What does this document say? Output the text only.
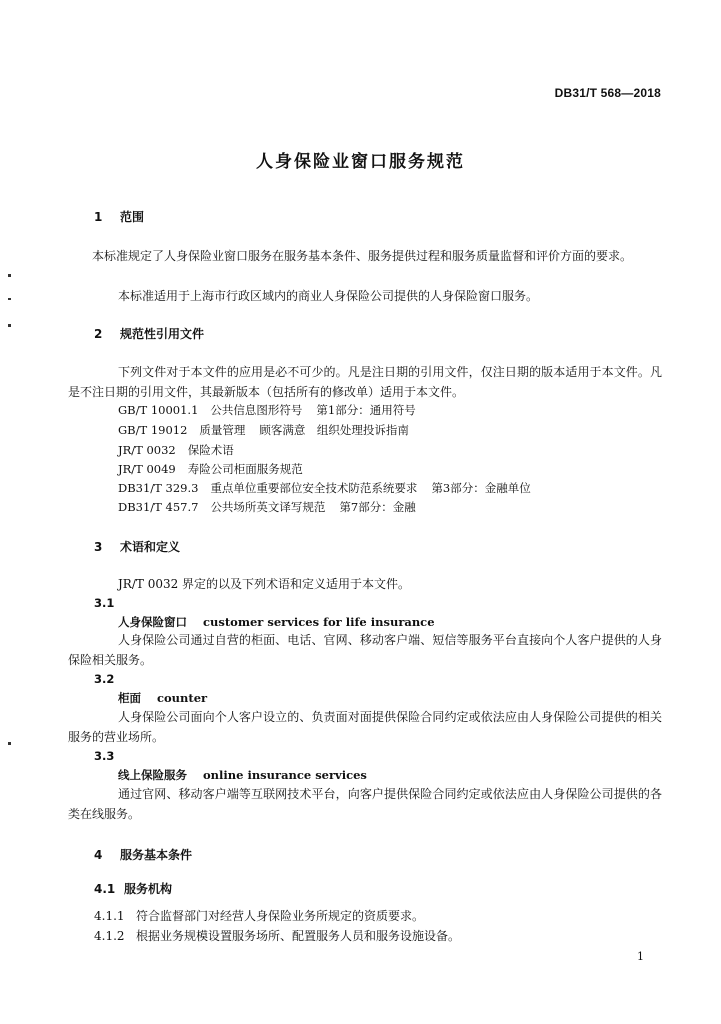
DB31/T 568—2018
人身保险业窗口服务规范
1 范围
本标准规定了人身保险业窗口服务在服务基本条件、服务提供过程和服务质量监督和评价方面的要求。
本标准适用于上海市行政区域内的商业人身保险公司提供的人身保险窗口服务。
2 规范性引用文件
下列文件对于本文件的应用是必不可少的。凡是注日期的引用文件，仅注日期的版本适用于本文件。凡是不注日期的引用文件，其最新版本（包括所有的修改单）适用于本文件。
GB/T 10001.1 公共信息图形符号 第1部分：通用符号
GB/T 19012 质量管理 顾客满意　组织处理投诉指南
JR/T 0032 保险术语
JR/T 0049 寿险公司柜面服务规范
DB31/T 329.3 重点单位重要部位安全技术防范系统要求 第3部分：金融单位
DB31/T 457.7 公共场所英文译写规范 第7部分：金融
3 术语和定义
JR/T 0032 界定的以及下列术语和定义适用于本文件。
3.1
人身保险窗口 customer services for life insurance
人身保险公司通过自营的柜面、电话、官网、移动客户端、短信等服务平台直接向个人客户提供的人身保险相关服务。
3.2
柜面 counter
人身保险公司面向个人客户设立的、负责面对面提供保险合同约定或依法应由人身保险公司提供的相关服务的营业场所。
3.3
线上保险服务 online insurance services
通过官网、移动客户端等互联网技术平台，向客户提供保险合同约定或依法应由人身保险公司提供的各类在线服务。
4 服务基本条件
4.1 服务机构
4.1.1 符合监督部门对经营人身保险业务所规定的资质要求。
4.1.2 根据业务规模设置服务场所、配置服务人员和服务设施设备。
1
